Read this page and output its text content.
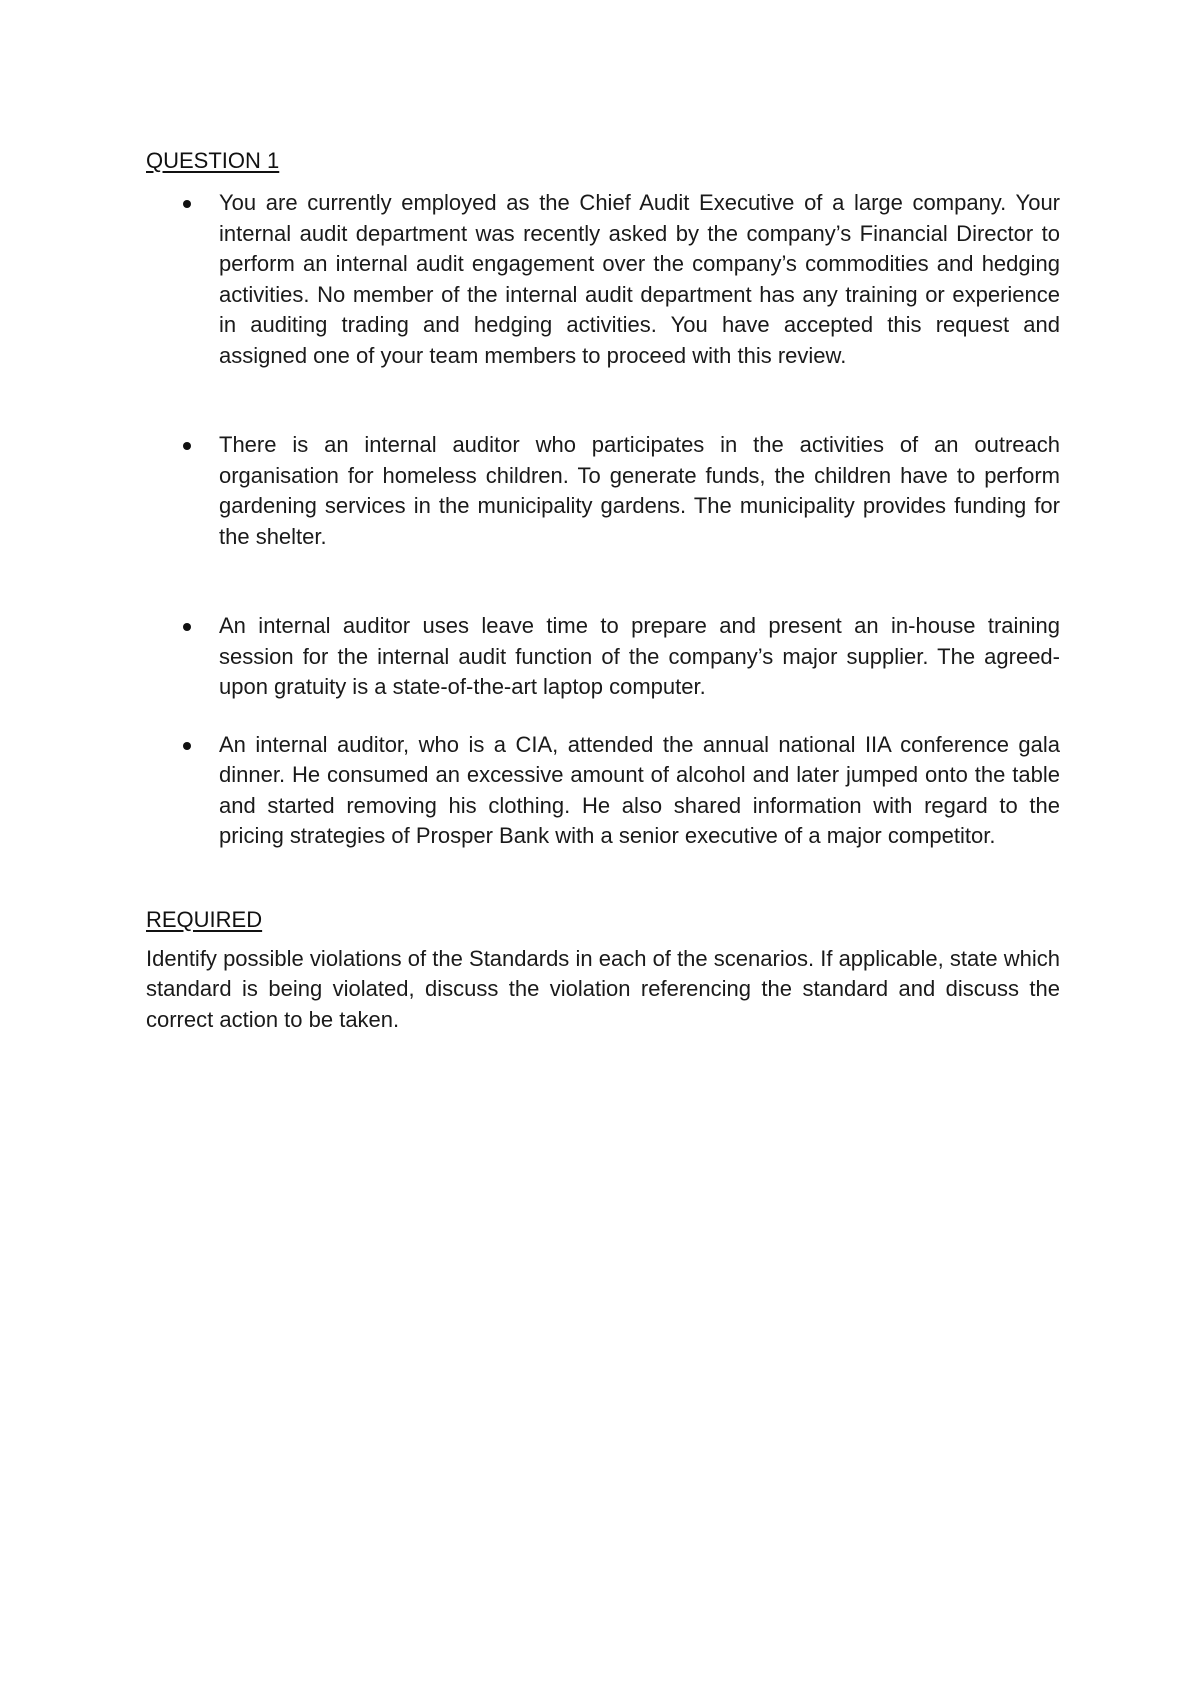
QUESTION 1

You are currently employed as the Chief Audit Executive of a large company. Your internal audit department was recently asked by the company’s Financial Director to perform an internal audit engagement over the company’s commodities and hedging activities. No member of the internal audit department has any training or experience in auditing trading and hedging activities. You have accepted this request and assigned one of your team members to proceed with this review.
There is an internal auditor who participates in the activities of an outreach organisation for homeless children. To generate funds, the children have to perform gardening services in the municipality gardens. The municipality provides funding for the shelter.
An internal auditor uses leave time to prepare and present an in-house training session for the internal audit function of the company’s major supplier. The agreed-upon gratuity is a state-of-the-art laptop computer.
An internal auditor, who is a CIA, attended the annual national IIA conference gala dinner. He consumed an excessive amount of alcohol and later jumped onto the table and started removing his clothing. He also shared information with regard to the pricing strategies of Prosper Bank with a senior executive of a major competitor.

REQUIRED

Identify possible violations of the Standards in each of the scenarios. If applicable, state which standard is being violated, discuss the violation referencing the standard and discuss the correct action to be taken.
